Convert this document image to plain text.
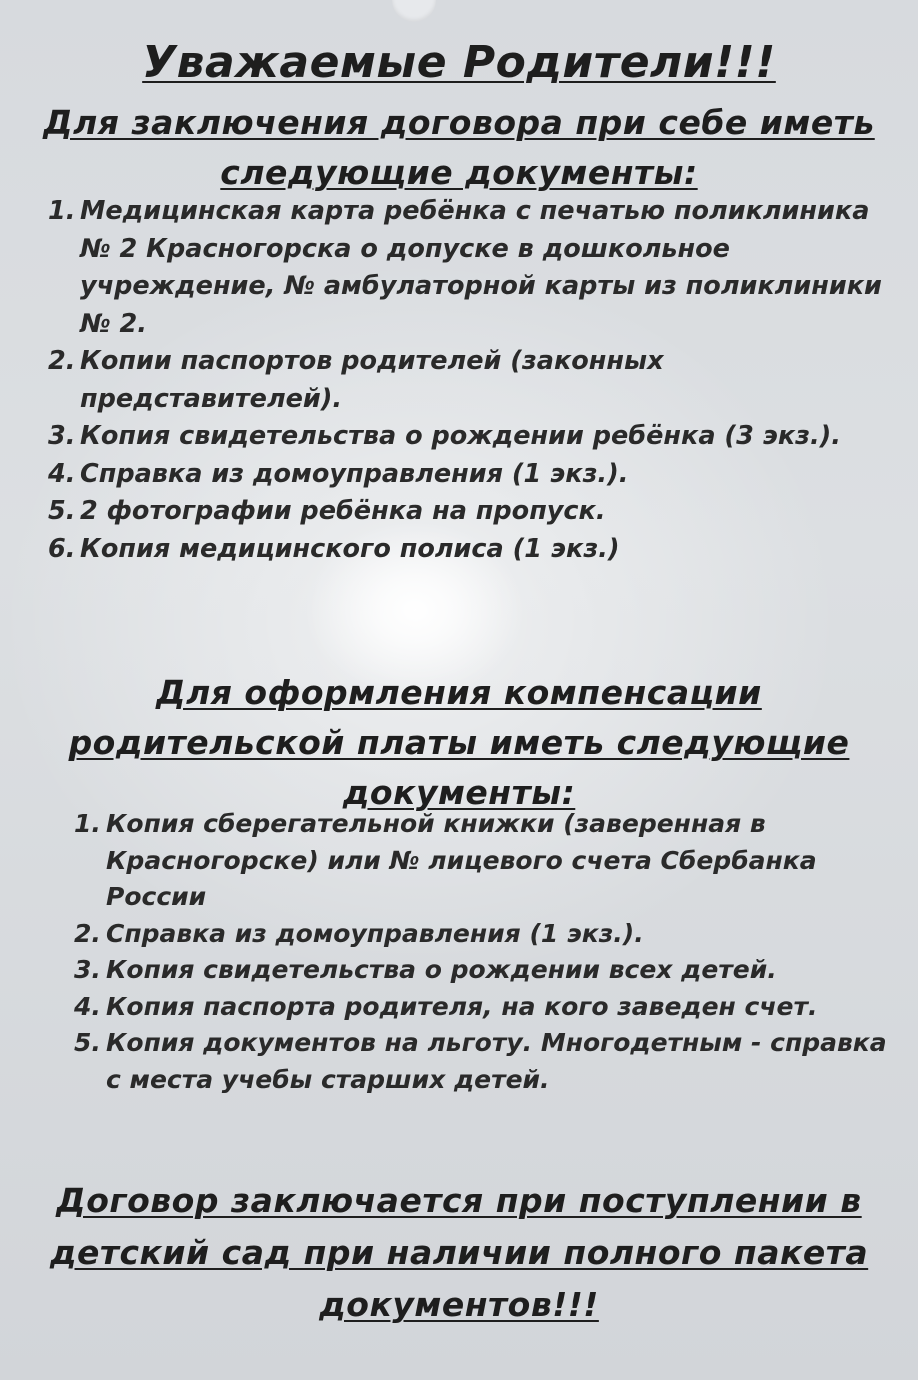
Уважаемые Родители!!!
Для заключения договора при себе иметь следующие документы:
1. Медицинская карта ребёнка с печатью поликлиника № 2 Красногорска о допуске в дошкольное учреждение, № амбулаторной карты из поликлиники № 2.
2. Копии паспортов родителей (законных представителей).
3. Копия свидетельства о рождении ребёнка (3 экз.).
4. Справка из домоуправления (1 экз.).
5. 2 фотографии ребёнка на пропуск.
6. Копия медицинского полиса (1 экз.)
Для оформления компенсации родительской платы иметь следующие документы:
1. Копия сберегательной книжки (заверенная в Красногорске) или № лицевого счета Сбербанка России
2. Справка из домоуправления (1 экз.).
3. Копия свидетельства о рождении всех детей.
4. Копия паспорта родителя, на кого заведен счет.
5. Копия документов на льготу. Многодетным - справка с места учебы старших детей.
Договор заключается при поступлении в детский сад при наличии полного пакета документов!!!
